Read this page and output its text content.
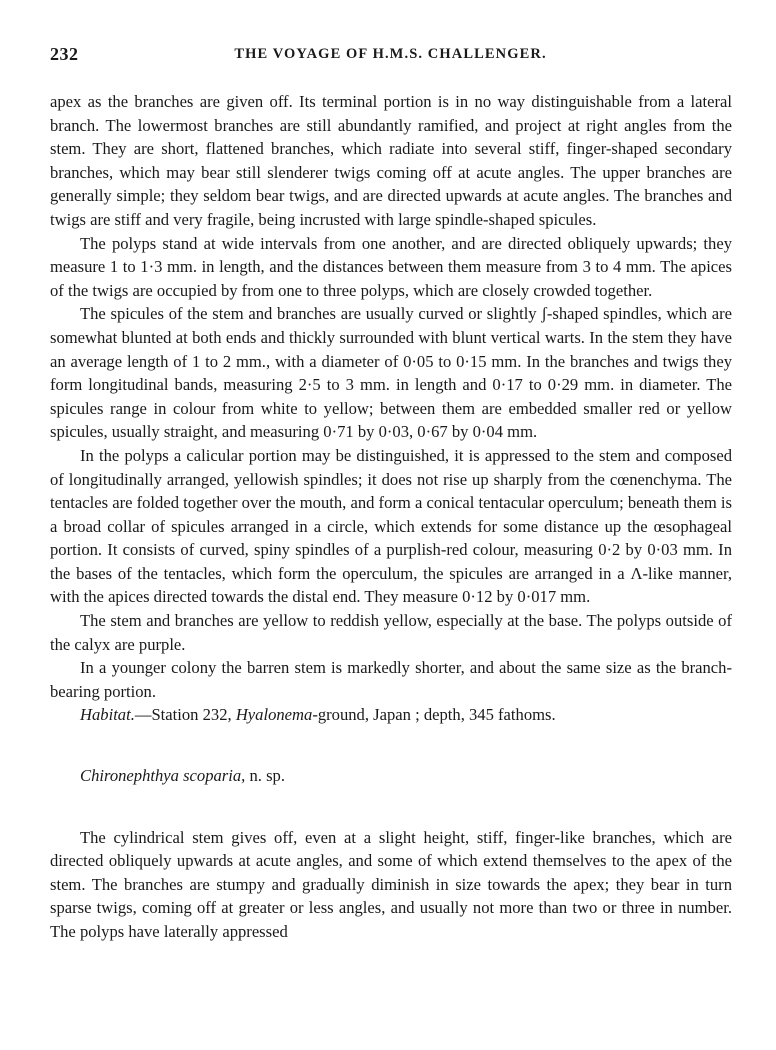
232	THE VOYAGE OF H.M.S. CHALLENGER.

apex as the branches are given off. Its terminal portion is in no way distinguishable from a lateral branch. The lowermost branches are still abundantly ramified, and project at right angles from the stem. They are short, flattened branches, which radiate into several stiff, finger-shaped secondary branches, which may bear still slenderer twigs coming off at acute angles. The upper branches are generally simple; they seldom bear twigs, and are directed upwards at acute angles. The branches and twigs are stiff and very fragile, being incrusted with large spindle-shaped spicules.

The polyps stand at wide intervals from one another, and are directed obliquely upwards; they measure 1 to 1·3 mm. in length, and the distances between them measure from 3 to 4 mm. The apices of the twigs are occupied by from one to three polyps, which are closely crowded together.

The spicules of the stem and branches are usually curved or slightly ʃ-shaped spindles, which are somewhat blunted at both ends and thickly surrounded with blunt vertical warts. In the stem they have an average length of 1 to 2 mm., with a diameter of 0·05 to 0·15 mm. In the branches and twigs they form longitudinal bands, measuring 2·5 to 3 mm. in length and 0·17 to 0·29 mm. in diameter. The spicules range in colour from white to yellow; between them are embedded smaller red or yellow spicules, usually straight, and measuring 0·71 by 0·03, 0·67 by 0·04 mm.

In the polyps a calicular portion may be distinguished, it is appressed to the stem and composed of longitudinally arranged, yellowish spindles; it does not rise up sharply from the cœnenchyma. The tentacles are folded together over the mouth, and form a conical tentacular operculum; beneath them is a broad collar of spicules arranged in a circle, which extends for some distance up the œsophageal portion. It consists of curved, spiny spindles of a purplish-red colour, measuring 0·2 by 0·03 mm. In the bases of the tentacles, which form the operculum, the spicules are arranged in a Λ-like manner, with the apices directed towards the distal end. They measure 0·12 by 0·017 mm.

The stem and branches are yellow to reddish yellow, especially at the base. The polyps outside of the calyx are purple.

In a younger colony the barren stem is markedly shorter, and about the same size as the branch-bearing portion.

Habitat.—Station 232, Hyalonema-ground, Japan ; depth, 345 fathoms.

Chironephthya scoparia, n. sp.

The cylindrical stem gives off, even at a slight height, stiff, finger-like branches, which are directed obliquely upwards at acute angles, and some of which extend themselves to the apex of the stem. The branches are stumpy and gradually diminish in size towards the apex; they bear in turn sparse twigs, coming off at greater or less angles, and usually not more than two or three in number. The polyps have laterally appressed
